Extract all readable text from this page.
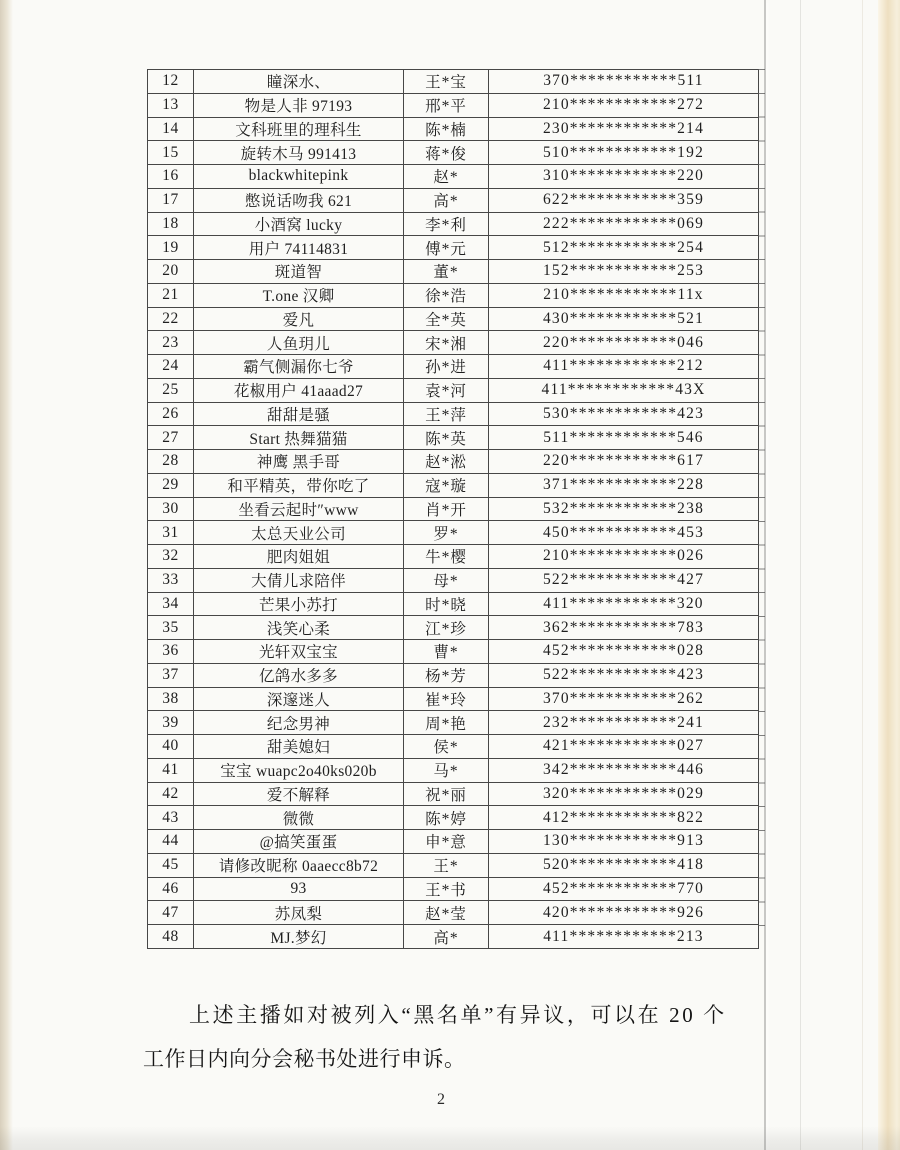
12	瞳深水、	王*宝	370************511
13	物是人非 97193	邢*平	210************272
14	文科班里的理科生	陈*楠	230************214
15	旋转木马 991413	蒋*俊	510************192
16	blackwhitepink	赵*	310************220
17	憋说话吻我 621	高*	622************359
18	小酒窝 lucky	李*利	222************069
19	用户 74114831	傅*元	512************254
20	斑道智	董*	152************253
21	T.one 汉卿	徐*浩	210************11x
22	爱凡	全*英	430************521
23	人鱼玥儿	宋*湘	220************046
24	霸气侧漏你七爷	孙*进	411************212
25	花椒用户 41aaad27	袁*河	411************43X
26	甜甜是骚	王*萍	530************423
27	Start 热舞猫猫	陈*英	511************546
28	神鹰 黑手哥	赵*淞	220************617
29	和平精英，带你吃了	寇*璇	371************228
30	坐看云起时″www	肖*开	532************238
31	太总天业公司	罗*	450************453
32	肥肉姐姐	牛*樱	210************026
33	大倩儿求陪伴	母*	522************427
34	芒果小苏打	时*晓	411************320
35	浅笑心柔	江*珍	362************783
36	光轩双宝宝	曹*	452************028
37	亿鸽水多多	杨*芳	522************423
38	深邃迷人	崔*玲	370************262
39	纪念男神	周*艳	232************241
40	甜美媳妇	侯*	421************027
41	宝宝 wuapc2o40ks020b	马*	342************446
42	爱不解释	祝*丽	320************029
43	微微	陈*婷	412************822
44	@搞笑蛋蛋	申*意	130************913
45	请修改昵称 0aaecc8b72	王*	520************418
46	93	王*书	452************770
47	苏凤梨	赵*莹	420************926
48	MJ.梦幻	高*	411************213
上述主播如对被列入“黑名单”有异议，可以在 20 个
工作日内向分会秘书处进行申诉。
2
